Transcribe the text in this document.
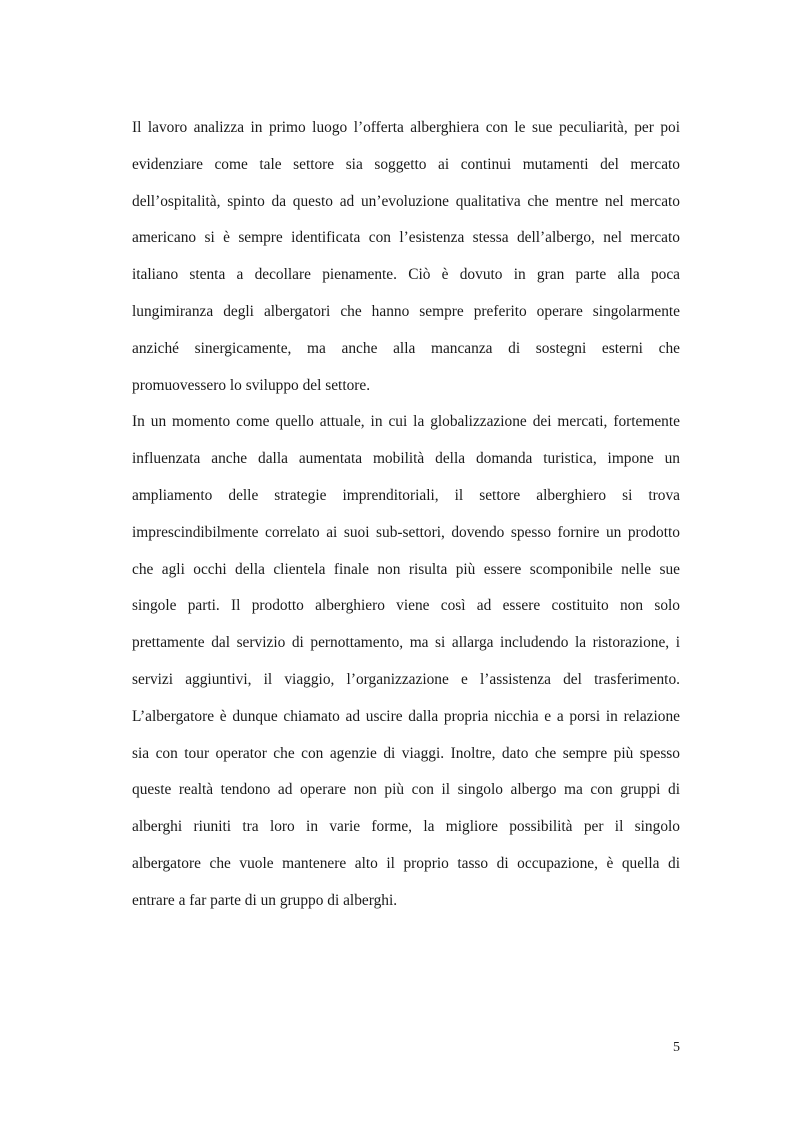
Il lavoro analizza in primo luogo l’offerta alberghiera con le sue peculiarità, per poi
evidenziare come tale settore sia soggetto ai continui mutamenti del mercato
dell’ospitalità, spinto da questo ad un’evoluzione qualitativa che mentre nel mercato
americano si è sempre identificata con l’esistenza stessa dell’albergo, nel mercato
italiano stenta a decollare pienamente. Ciò è dovuto in gran parte alla poca
lungimiranza degli albergatori che hanno sempre preferito operare singolarmente
anziché sinergicamente, ma anche alla mancanza di sostegni esterni che
promuovessero lo sviluppo del settore.
In un momento come quello attuale, in cui la globalizzazione dei mercati, fortemente
influenzata anche dalla aumentata mobilità della domanda turistica, impone un
ampliamento delle strategie imprenditoriali, il settore alberghiero si trova
imprescindibilmente correlato ai suoi sub-settori, dovendo spesso fornire un prodotto
che agli occhi della clientela finale non risulta più essere scomponibile nelle sue
singole parti. Il prodotto alberghiero viene così ad essere costituito non solo
prettamente dal servizio di pernottamento, ma si allarga includendo la ristorazione, i
servizi aggiuntivi, il viaggio, l’organizzazione e l’assistenza del trasferimento.
L’albergatore è dunque chiamato ad uscire dalla propria nicchia e a porsi in relazione
sia con tour operator che con agenzie di viaggi. Inoltre, dato che sempre più spesso
queste realtà tendono ad operare non più con il singolo albergo ma con gruppi di
alberghi riuniti tra loro in varie forme, la migliore possibilità per il singolo
albergatore che vuole mantenere alto il proprio tasso di occupazione, è quella di
entrare a far parte di un gruppo di alberghi.
5
